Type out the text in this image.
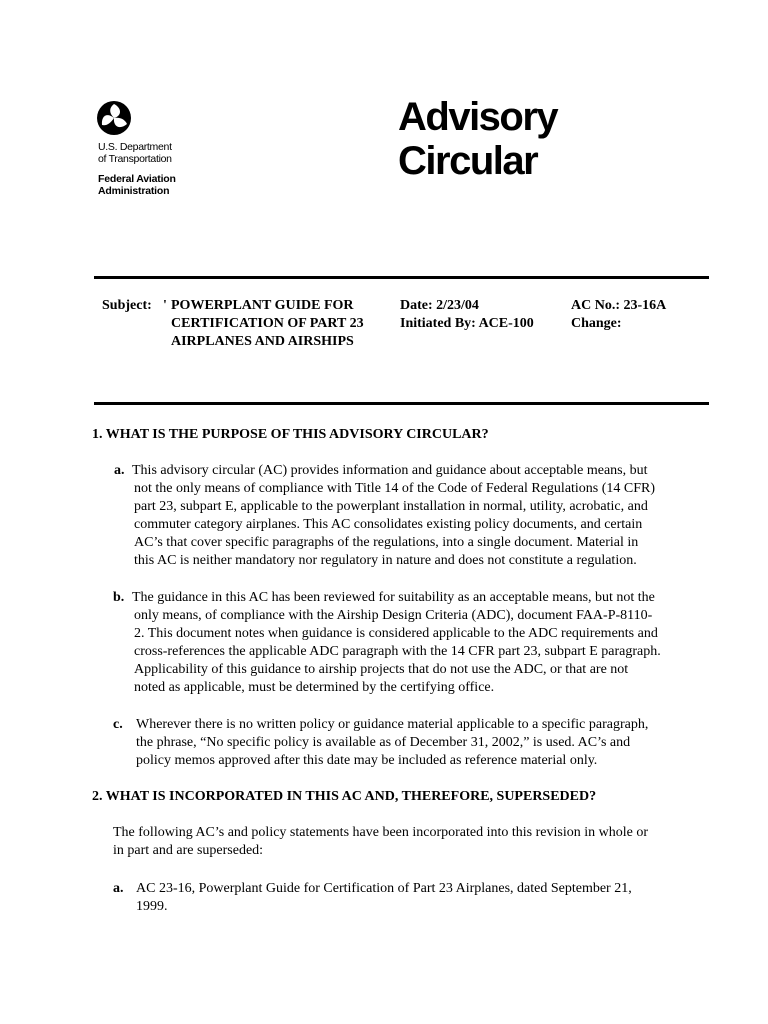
U.S. Department
of Transportation
Federal Aviation
Administration
Advisory
Circular
Subject: ' POWERPLANT GUIDE FOR
CERTIFICATION OF PART 23
AIRPLANES AND AIRSHIPS
Date: 2/23/04
Initiated By: ACE-100
AC No.: 23-16A
Change:
1. WHAT IS THE PURPOSE OF THIS ADVISORY CIRCULAR?
a. This advisory circular (AC) provides information and guidance about acceptable means, but
not the only means of compliance with Title 14 of the Code of Federal Regulations (14 CFR)
part 23, subpart E, applicable to the powerplant installation in normal, utility, acrobatic, and
commuter category airplanes. This AC consolidates existing policy documents, and certain
AC’s that cover specific paragraphs of the regulations, into a single document. Material in
this AC is neither mandatory nor regulatory in nature and does not constitute a regulation.
b. The guidance in this AC has been reviewed for suitability as an acceptable means, but not the
only means, of compliance with the Airship Design Criteria (ADC), document FAA-P-8110-
2. This document notes when guidance is considered applicable to the ADC requirements and
cross-references the applicable ADC paragraph with the 14 CFR part 23, subpart E paragraph.
Applicability of this guidance to airship projects that do not use the ADC, or that are not
noted as applicable, must be determined by the certifying office.
c. Wherever there is no written policy or guidance material applicable to a specific paragraph,
the phrase, “No specific policy is available as of December 31, 2002,” is used. AC’s and
policy memos approved after this date may be included as reference material only.
2. WHAT IS INCORPORATED IN THIS AC AND, THEREFORE, SUPERSEDED?
The following AC’s and policy statements have been incorporated into this revision in whole or
in part and are superseded:
a. AC 23-16, Powerplant Guide for Certification of Part 23 Airplanes, dated September 21,
1999.
